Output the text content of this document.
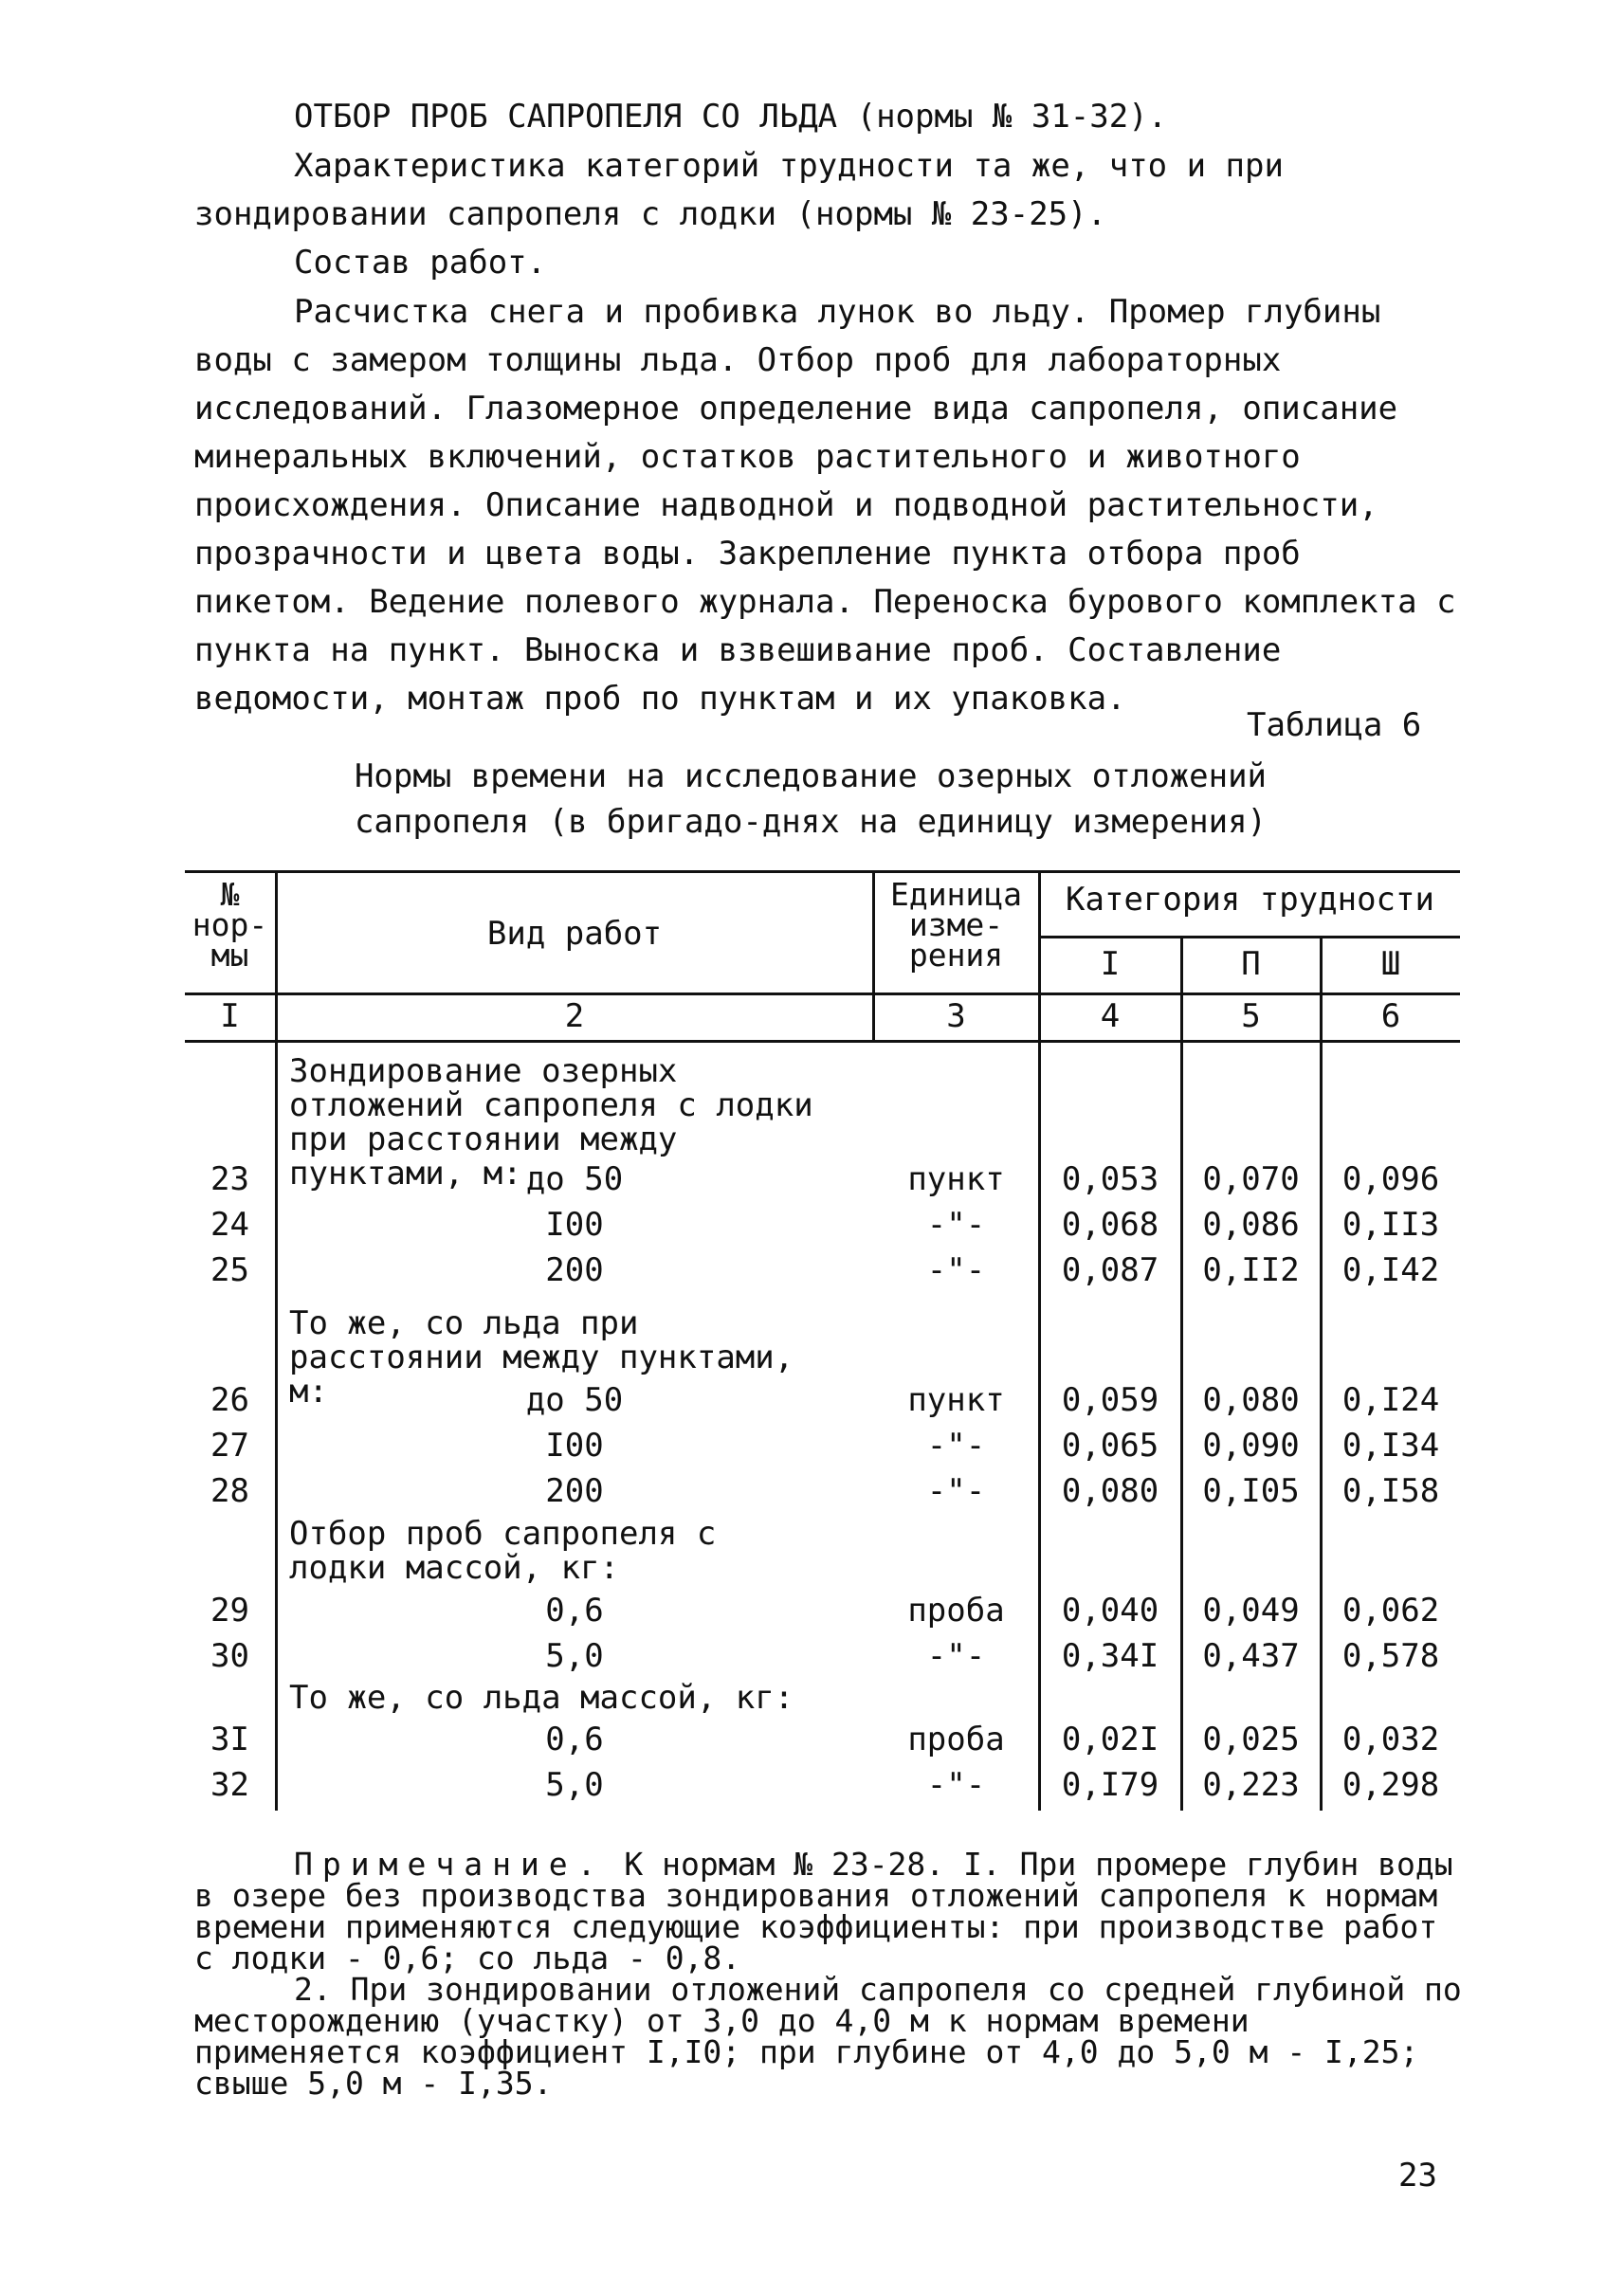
ОТБОР ПРОБ САПРОПЕЛЯ СО ЛЬДА (нормы № 31-32).

Характеристика категорий трудности та же, что и при зондировании сапропеля с лодки (нормы № 23-25).

Состав работ.

Расчистка снега и пробивка лунок во льду. Промер глубины воды с замером толщины льда. Отбор проб для лабораторных исследований. Глазомерное определение вида сапропеля, описание минеральных включений, остатков растительного и животного происхождения. Описание надводной и подводной растительности, прозрачности и цвета воды. Закрепление пункта отбора проб пикетом. Ведение полевого журнала. Переноска бурового комплекта с пункта на пункт. Выноска и взвешивание проб. Составление ведомости, монтаж проб по пунктам и их упаковка.

Таблица 6
Нормы времени на исследование озерных отложений
сапропеля (в бригадо-днях на единицу измерения)
№ нор- мы
Вид работ
Единица изме- рения
Категория трудности
I	П	Ш
I	2	3	4	5	6
Зондирование озерных отложений сапропеля с лодки при расстоянии между пунктами, м:
То же, со льда при расстоянии между пунктами, м:
Отбор проб сапропеля с лодки массой, кг:
То же, со льда массой, кг:
23	до 50	пункт	0,053	0,070	0,096
24	I00	-"-	0,068	0,086	0,II3
25	200	-"-	0,087	0,II2	0,I42
26	до 50	пункт	0,059	0,080	0,I24
27	I00	-"-	0,065	0,090	0,I34
28	200	-"-	0,080	0,I05	0,I58
29	0,6	проба	0,040	0,049	0,062
30	5,0	-"-	0,34I	0,437	0,578
3I	0,6	проба	0,02I	0,025	0,032
32	5,0	-"-	0,I79	0,223	0,298
Примечание. К нормам № 23-28. I. При промере глубин воды в озере без производства зондирования отложений сапропеля к нормам времени применяются следующие коэффициенты: при производстве работ с лодки - 0,6; со льда - 0,8.
2. При зондировании отложений сапропеля со средней глубиной по месторождению (участку) от 3,0 до 4,0 м к нормам времени применяется коэффициент I,I0; при глубине от 4,0 до 5,0 м - I,25; свыше 5,0 м - I,35.
23
